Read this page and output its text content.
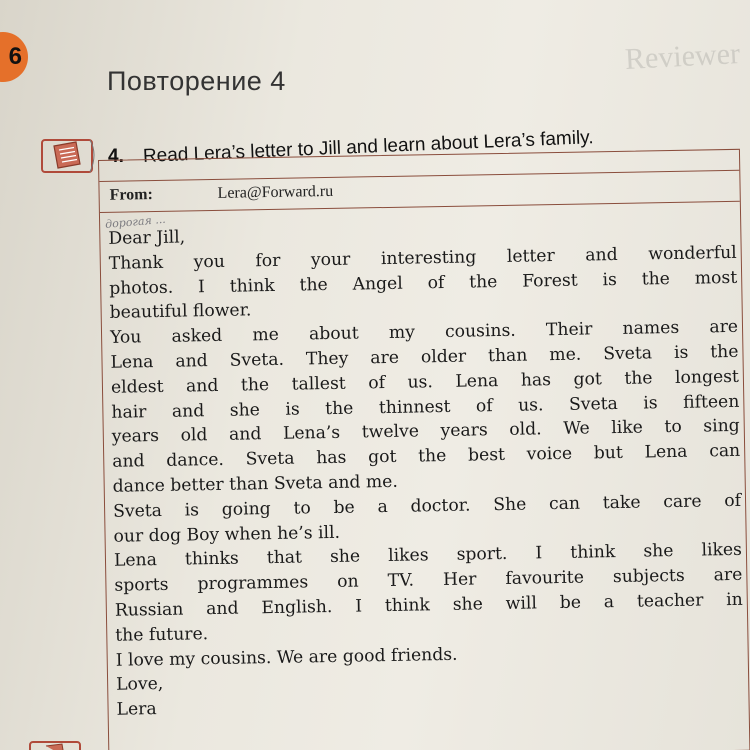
Reviewer
6
Повторение 4
4. Read Lera’s letter to Jill and learn about Lera’s family.
From:	Lera@Forward.ru
дорогая ...

Dear Jill,

Thank you for your interesting letter and wonderful

photos. I think the Angel of the Forest is the most

beautiful flower.

You asked me about my cousins. Their names are

Lena and Sveta. They are older than me. Sveta is the

eldest and the tallest of us. Lena has got the longest

hair and she is the thinnest of us. Sveta is fifteen

years old and Lena’s twelve years old. We like to sing

and dance. Sveta has got the best voice but Lena can

dance better than Sveta and me.

Sveta is going to be a doctor. She can take care of

our dog Boy when he’s ill.

Lena thinks that she likes sport. I think she likes

sports programmes on TV. Her favourite subjects are

Russian and English. I think she will be a teacher in

the future.

I love my cousins. We are good friends.

Love,

Lera
